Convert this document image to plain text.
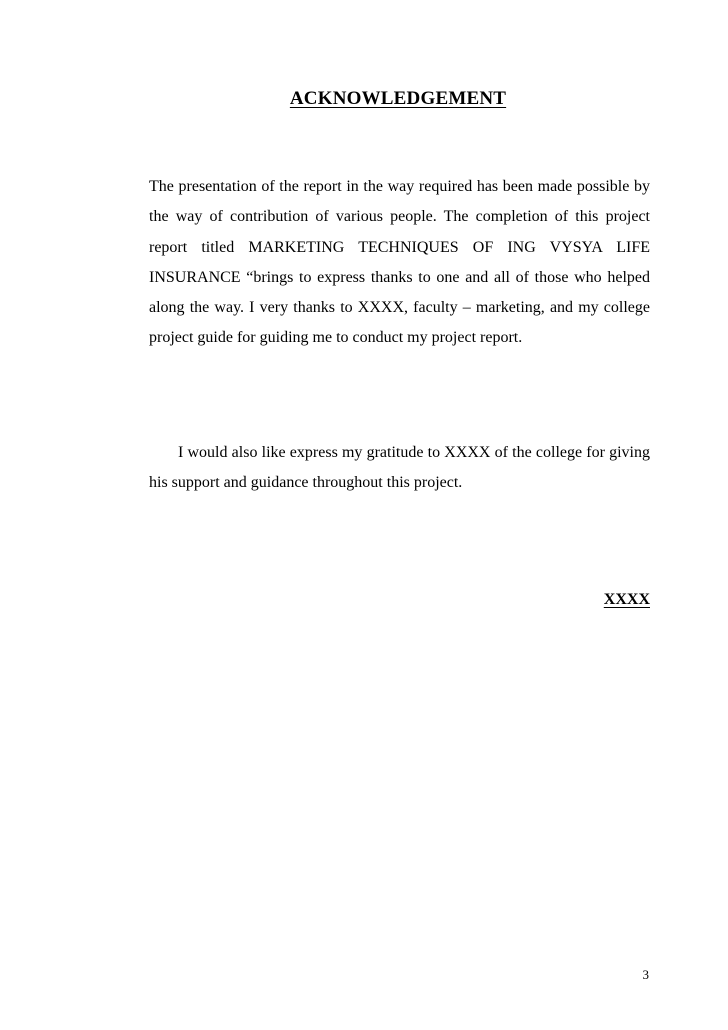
ACKNOWLEDGEMENT

The presentation of the report in the way required has been made possible by the way of contribution of various people. The completion of this project report titled MARKETING TECHNIQUES OF ING VYSYA LIFE INSURANCE “brings to express thanks to one and all of those who helped along the way. I very thanks to XXXX, faculty – marketing, and my college project guide for guiding me to conduct my project report.

I would also like express my gratitude to XXXX of the college for giving his support and guidance throughout this project.

XXXX

3
